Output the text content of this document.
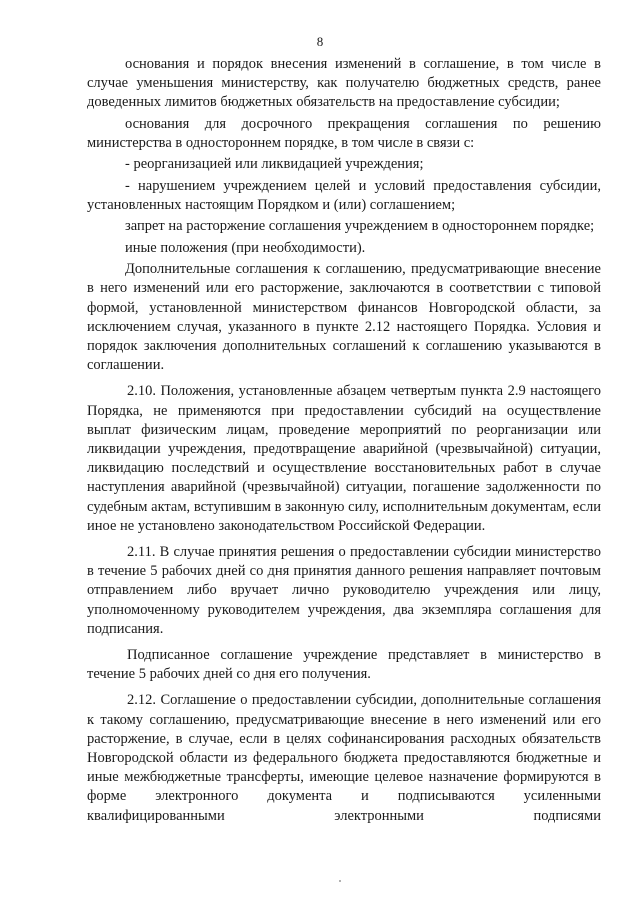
8

основания и порядок внесения изменений в соглашение, в том числе в случае уменьшения министерству, как получателю бюджетных средств, ранее доведенных лимитов бюджетных обязательств на предоставление субсидии;

основания для досрочного прекращения соглашения по решению министерства в одностороннем порядке, в том числе в связи с:

- реорганизацией или ликвидацией учреждения;

- нарушением учреждением целей и условий предоставления субсидии, установленных настоящим Порядком и (или) соглашением;

запрет на расторжение соглашения учреждением в одностороннем порядке;

иные положения (при необходимости).

Дополнительные соглашения к соглашению, предусматривающие внесение в него изменений или его расторжение, заключаются в соответствии с типовой формой, установленной министерством финансов Новгородской области, за исключением случая, указанного в пункте 2.12 настоящего Порядка. Условия и порядок заключения дополнительных соглашений к соглашению указываются в соглашении.

2.10. Положения, установленные абзацем четвертым пункта 2.9 настоящего Порядка, не применяются при предоставлении субсидий на осуществление выплат физическим лицам, проведение мероприятий по реорганизации или ликвидации учреждения, предотвращение аварийной (чрезвычайной) ситуации, ликвидацию последствий и осуществление восстановительных работ в случае наступления аварийной (чрезвычайной) ситуации, погашение задолженности по судебным актам, вступившим в законную силу, исполнительным документам, если иное не установлено законодательством Российской Федерации.

2.11. В случае принятия решения о предоставлении субсидии министерство в течение 5 рабочих дней со дня принятия данного решения направляет почтовым отправлением либо вручает лично руководителю учреждения или лицу, уполномоченному руководителем учреждения, два экземпляра соглашения для подписания.

Подписанное соглашение учреждение представляет в министерство в течение 5 рабочих дней со дня его получения.

2.12. Соглашение о предоставлении субсидии, дополнительные соглашения к такому соглашению, предусматривающие внесение в него изменений или его расторжение, в случае, если в целях софинансирования расходных обязательств Новгородской области из федерального бюджета предоставляются бюджетные и иные межбюджетные трансферты, имеющие целевое назначение формируются в форме электронного документа и подписываются усиленными квалифицированными электронными подписями
